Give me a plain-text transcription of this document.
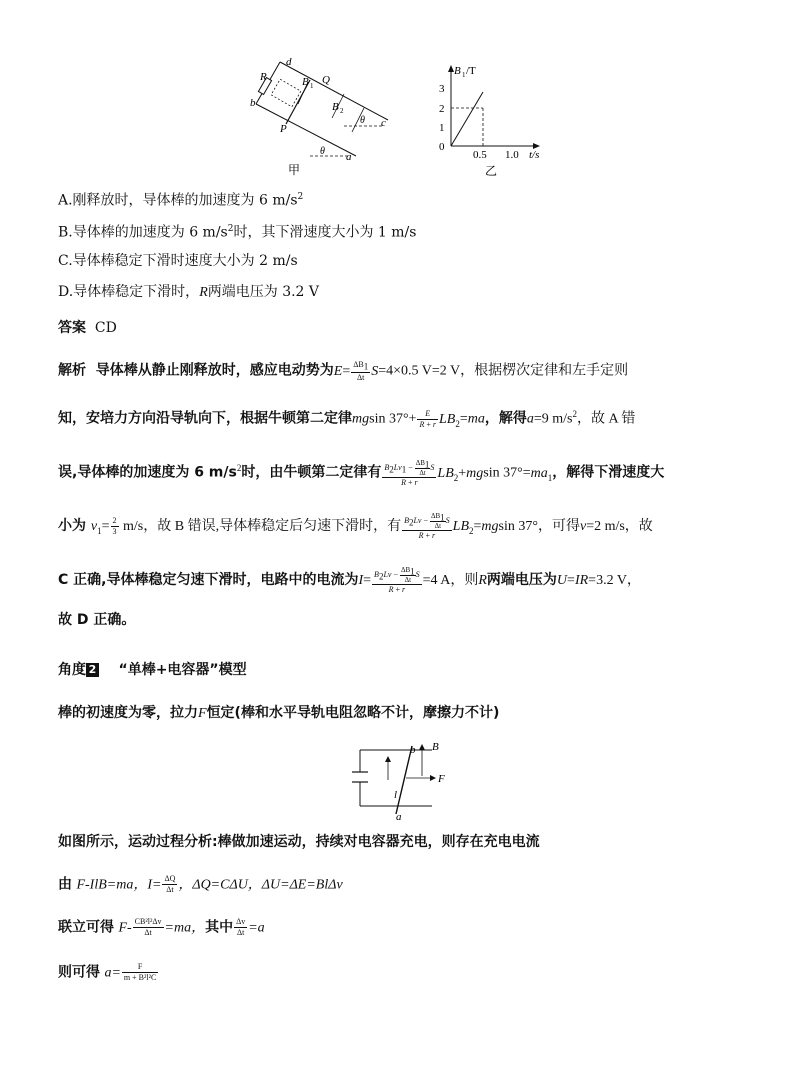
R
d
B 1 Q
b	B 2
θ c
P
θ a
甲
B 1 /T
3
2
1
0
0.5 1.0 t/s
乙
A.刚释放时，导体棒的加速度为 6 $m/s^2$
B.导体棒的加速度为 6 $m/s^2$时，其下滑速度大小为 1 m/s
C.导体棒稳定下滑时速度大小为 2 m/s
D.导体棒稳定下滑时，R两端电压为 3.2 V
答案 CD
解析 导体棒从静止刚释放时，感应电动势为$E= \frac{\Delta B_1}{\Delta t} S=4\times 0.5$ V=2 V，根据楞次定律和左手定则
知，安培力方向沿导轨向下，根据牛顿第二定律mgsin $37^\circ+ \frac{E}{R + r} LB_2=ma$，解得a=9 $m/s^2$，故 A 错
误,导体棒的加速度为 6 $m/s^2$时，由牛顿第二定律有 $\frac{B_2Lv_1 - \frac{\Delta B_1}{\Delta t} S}{R + r} LB_2+mgsin$ $37^\circ=ma_1$，解得下滑速度大
小为 $v_1= \frac{2}{3} m/s$，故 B 错误,导体棒稳定后匀速下滑时，有 $\frac{B_2Lv - \frac{\Delta B_1}{\Delta t} S}{R + r} LB_2=mgsin$ 37°，可得v=2 m/s，故
C 正确,导体棒稳定匀速下滑时，电路中的电流为$I= \frac{B_2Lv - \frac{\Delta B_1}{\Delta t} S}{R + r} =4$ A，则R两端电压为U=IR=3.2 V，
故 D 正确。
角度 2 “单棒+电容器”模型
棒的初速度为零，拉力F恒定(棒和水平导轨电阻忽略不计，摩擦力不计)
b B
F
l
a
如图所示，运动过程分析:棒做加速运动，持续对电容器充电，则存在充电电流
由 F-IlB=ma，$I= \frac{\Delta Q}{\Delta t}$ ，ΔQ=CΔU，ΔU=ΔE=BlΔv
联立可得 $F- \frac{\text{CB²l²Δv}}{\Delta t} =ma$，其中 $\frac{\Delta v}{\Delta t} =a$
则可得 $a= \frac{F}{\text{m + B²l²C}}$
